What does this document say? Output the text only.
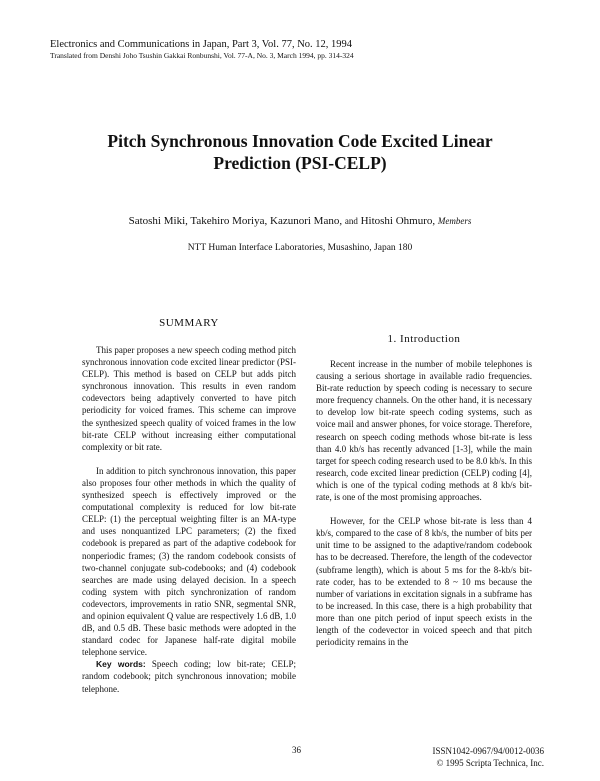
Electronics and Communications in Japan, Part 3, Vol. 77, No. 12, 1994
Translated from Denshi Joho Tsushin Gakkai Ronbunshi, Vol. 77-A, No. 3, March 1994, pp. 314-324
Pitch Synchronous Innovation Code Excited Linear
Prediction (PSI-CELP)
Satoshi Miki, Takehiro Moriya, Kazunori Mano, and Hitoshi Ohmuro, Members
NTT Human Interface Laboratories, Musashino, Japan 180
SUMMARY

This paper proposes a new speech coding method pitch synchronous innovation code excited linear predictor (PSI-CELP). This method is based on CELP but adds pitch synchronous innovation. This results in even random codevectors being adaptively converted to have pitch periodicity for voiced frames. This scheme can improve the synthesized speech quality of voiced frames in the low bit-rate CELP without increasing either computational complexity or bit rate.

In addition to pitch synchronous innovation, this paper also proposes four other methods in which the quality of synthesized speech is effectively improved or the computational complexity is reduced for low bit-rate CELP: (1) the perceptual weighting filter is an MA-type and uses nonquantized LPC parameters; (2) the fixed codebook is prepared as part of the adaptive codebook for nonperiodic frames; (3) the random codebook consists of two-channel conjugate sub-codebooks; and (4) codebook searches are made using delayed decision. In a speech coding system with pitch synchronization of random codevectors, improvements in ratio SNR, segmental SNR, and opinion equivalent Q value are respectively 1.6 dB, 1.0 dB, and 0.5 dB. These basic methods were adopted in the standard codec for Japanese half-rate digital mobile telephone service.

Key words: Speech coding; low bit-rate; CELP; random codebook; pitch synchronous innovation; mobile telephone.

1. Introduction

Recent increase in the number of mobile telephones is causing a serious shortage in available radio frequencies. Bit-rate reduction by speech coding is necessary to secure more frequency channels. On the other hand, it is necessary to develop low bit-rate speech coding systems, such as voice mail and answer phones, for voice storage. Therefore, research on speech coding methods whose bit-rate is less than 4.0 kb/s has recently advanced [1-3], while the main target for speech coding research used to be 8.0 kb/s. In this research, code excited linear prediction (CELP) coding [4], which is one of the typical coding methods at 8 kb/s bit-rate, is one of the most promising approaches.

However, for the CELP whose bit-rate is less than 4 kb/s, compared to the case of 8 kb/s, the number of bits per unit time to be assigned to the adaptive/random codebook has to be decreased. Therefore, the length of the codevector (subframe length), which is about 5 ms for the 8-kb/s bit-rate coder, has to be extended to 8 ~ 10 ms because the number of variations in excitation signals in a subframe has to be increased. In this case, there is a high probability that more than one pitch period of input speech exists in the length of the codevector in voiced speech and that pitch periodicity remains in the

36	ISSN1042-0967/94/0012-0036
© 1995 Scripta Technica, Inc.
